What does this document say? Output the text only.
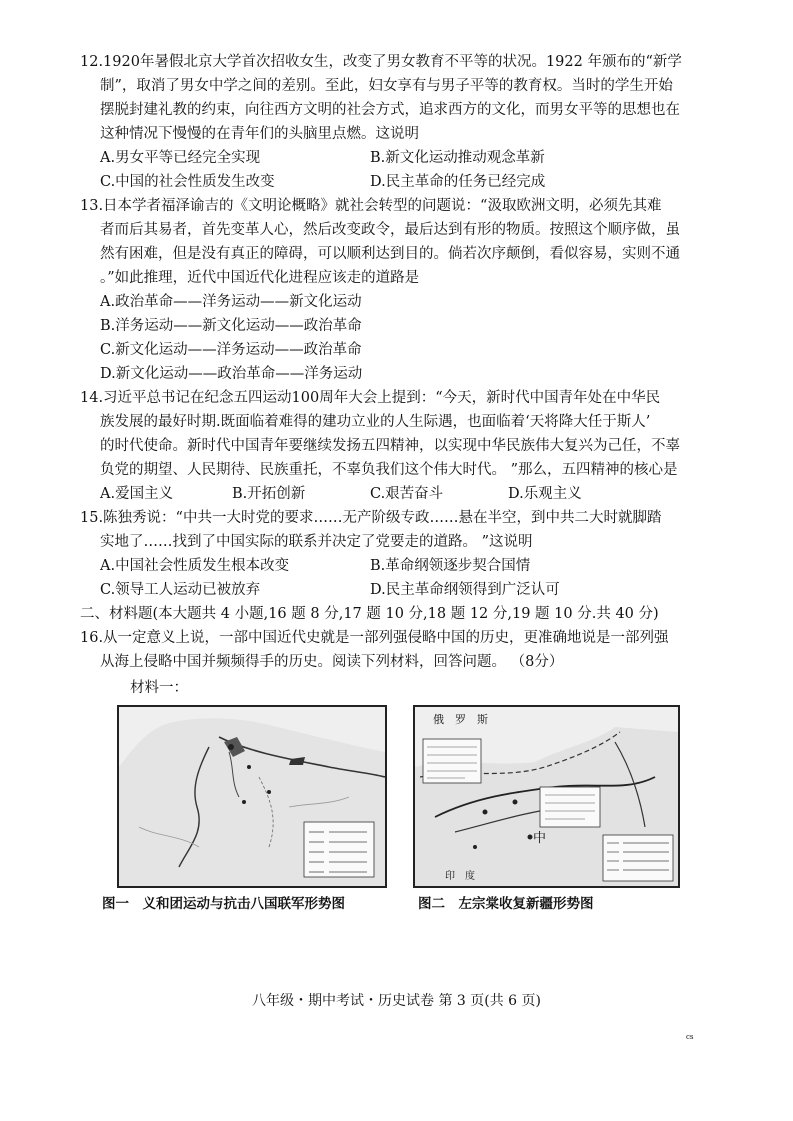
12.1920年暑假北京大学首次招收女生，改变了男女教育不平等的状况。1922 年颁布的“新学
制”，取消了男女中学之间的差别。至此，妇女享有与男子平等的教育权。当时的学生开始
摆脱封建礼教的约束，向往西方文明的社会方式，追求西方的文化，而男女平等的思想也在
这种情况下慢慢的在青年们的头脑里点燃。这说明
A.男女平等已经完全实现	B.新文化运动推动观念革新
C.中国的社会性质发生改变	D.民主革命的任务已经完成
13.日本学者福泽谕吉的《文明论概略》就社会转型的问题说：“汲取欧洲文明，必须先其难
者而后其易者，首先变革人心，然后改变政令，最后达到有形的物质。按照这个顺序做，虽
然有困难，但是没有真正的障碍，可以顺利达到目的。倘若次序颠倒，看似容易，实则不通
。”如此推理，近代中国近代化进程应该走的道路是
A.政治革命——洋务运动——新文化运动
B.洋务运动——新文化运动——政治革命
C.新文化运动——洋务运动——政治革命
D.新文化运动——政治革命——洋务运动
14.习近平总书记在纪念五四运动100周年大会上提到：“今天，新时代中国青年处在中华民
族发展的最好时期.既面临着难得的建功立业的人生际遇，也面临着‘天将降大任于斯人’
的时代使命。新时代中国青年要继续发扬五四精神，以实现中华民族伟大复兴为己任，不辜
负党的期望、人民期待、民族重托，不辜负我们这个伟大时代。 ”那么，五四精神的核心是
A.爱国主义	B.开拓创新	C.艰苦奋斗	D.乐观主义
15.陈独秀说：“中共一大时党的要求……无产阶级专政……悬在半空，到中共二大时就脚踏
实地了……找到了中国实际的联系并决定了党要走的道路。 ”这说明
A.中国社会性质发生根本改变	B.革命纲领逐步契合国情
C.领导工人运动已被放弃	D.民主革命纲领得到广泛认可
二、材料题(本大题共 4 小题,16 题 8 分,17 题 10 分,18 题 12 分,19 题 10 分.共 40 分)
16.从一定意义上说，一部中国近代史就是一部列强侵略中国的历史，更准确地说是一部列强
从海上侵略中国并频频得手的历史。阅读下列材料，回答问题。 （8分）
材料一：
图一　义和团运动与抗击八国联军形势图
俄　罗　斯
中
印　度
图二　左宗棠收复新疆形势图
八年级・期中考试・历史试卷 第 3 页(共 6 页)
cs
